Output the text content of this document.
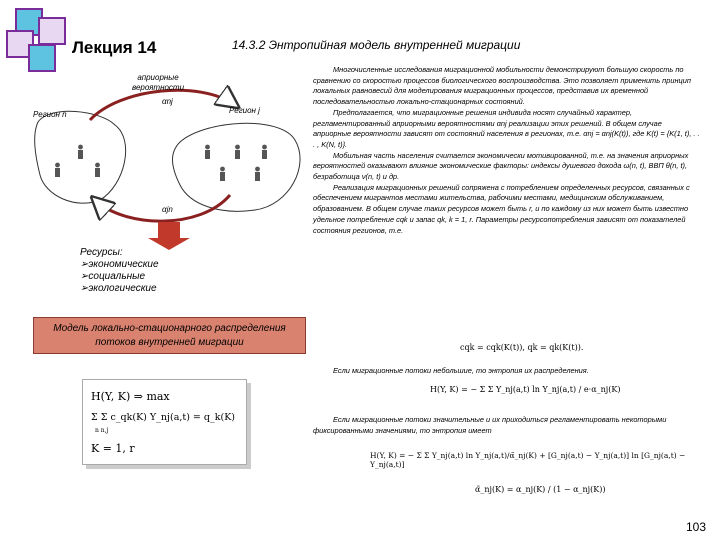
Лекция 14	14.3.2 Энтропийная модель внутренней миграции
априорные вероятности
αnj
Регион n	Регион j
αjn
Ресурсы:
➢экономические
➢социальные
➢экологические
Модель локально-стационарного распределения потоков внутренней миграции
H(Y, K) ⇒ max
Σ Σ c_qk(K) Y_nj(a,t) = q_k(K)
n n,j
K = 1, r

Многочисленные исследования миграционной мобильности демонстрируют большую скорость по сравнению со скоростью процессов биологического воспроизводства. Это позволяет применить принцип локальных равновесий для моделирования миграционных процессов, представив их временной последовательностью локально-стационарных состояний.

Предполагается, что миграционные решения индивида носят случайный характер, регламентированный априорными вероятностями αnj реализации этих решений. В общем случае априорные вероятности зависят от состояний населения в регионах, т.е. αnj = αnj(K(t)), где K(t) = {K(1, t), . . . , K(N, t)}.

Мобильная часть населения считается экономически мотивированной, т.е. на значения априорных вероятностей оказывают влияние экономические факторы: индексы душевого дохода ω(n, t), ВВП θ(n, t), безработица ν(n, t) и др.

Реализация миграционных решений сопряжена с потреблением определенных ресурсов, связанных с обеспечением мигрантов местами жительства, рабочими местами, медицинским обслуживанием, образованием. В общем случае таких ресурсов может быть r, и по каждому из них может быть известно удельное потребление cqk и запас qk, k = 1, r. Параметры ресурсопотребления зависят от показателей состояния регионов, т.е.

cqk = cqk(K(t)), qk = qk(K(t)).

Если миграционные потоки небольшие, то энтропия их распределения.

H(Y, K) = − Σ Σ Y_nj(a,t) ln Y_nj(a,t) / e·α_nj(K)

Если миграционные потоки значительные и их приходиться регламентировать некоторыми фиксированными значениями, то энтропия имеет

H(Y, K) = − Σ Σ Y_nj(a,t) ln Y_nj(a,t)/α̃_nj(K) + [G_nj(a,t) − Y_nj(a,t)] ln [G_nj(a,t) − Y_nj(a,t)]
α̃_nj(K) = α_nj(K) / (1 − α_nj(K))
103
